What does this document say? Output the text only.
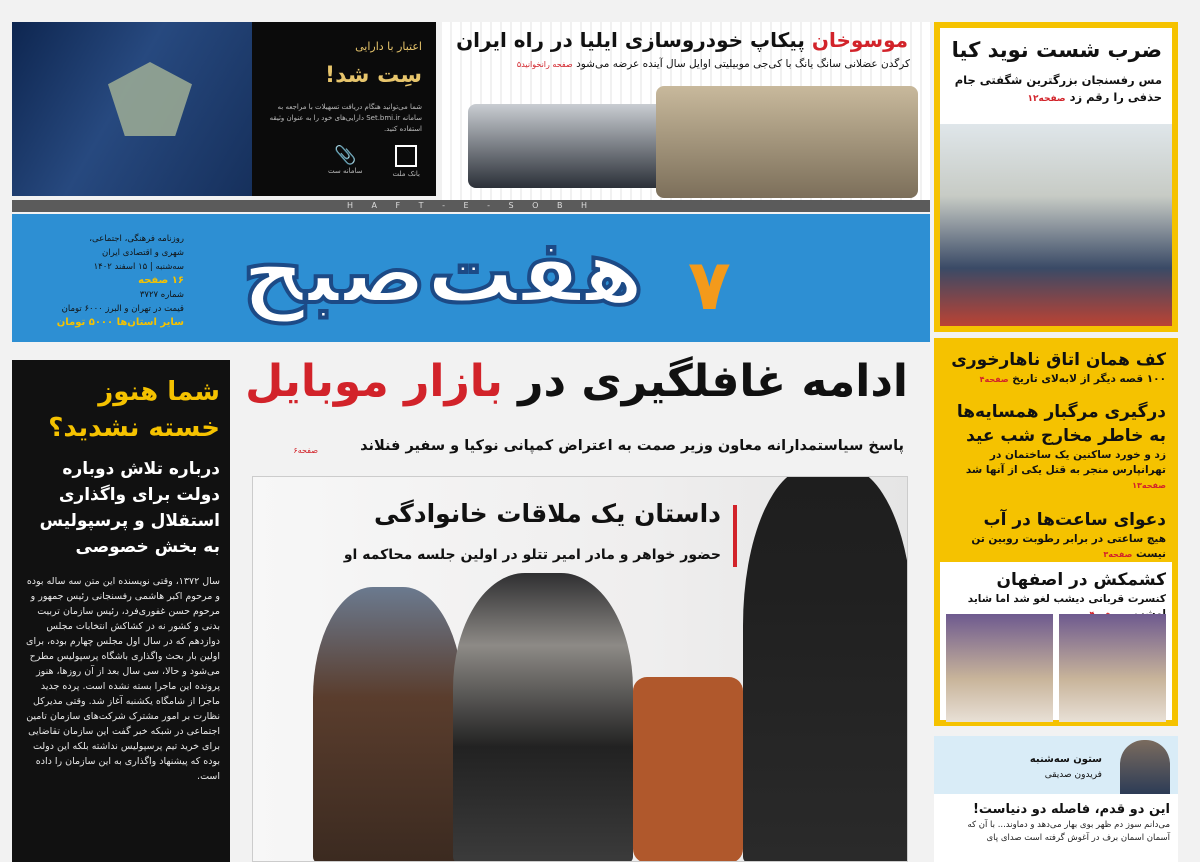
اعتبار با دارایی
سِت شد!
شما می‌توانید هنگام دریافت تسهیلات با مراجعه به سامانه Set.bmi.ir دارایی‌های خود را به عنوان وثیقه استفاده کنید.
بانک ملت
📎
سامانه ست
موسوخان پیکاپ خودروسازی ایلیا در راه ایران
کرگدن عضلانی سانگ یانگ با کی‌جی موبیلیتی اوایل سال آینده عرضه می‌شود صفحه رانخوانید۵
ضرب شست نوید کیا
مس رفسنجان بزرگترین شگفتی جام حذفی را رقم زد صفحه۱۲
H A F T - E - S O B H
روزنامه فرهنگی، اجتماعی،
شهری و اقتصادی ایران
سه‌شنبه | ۱۵ اسفند ۱۴۰۲
۱۶ صفحه
شماره ۳۷۲۷
قیمت در تهران و البرز ۶۰۰۰ تومان
سایر استان‌ها ۵۰۰۰ تومان هفت‌صبح ۷
شما هنوز خسته نشدید؟
درباره تلاش دوباره دولت برای واگذاری استقلال و پرسپولیس به بخش خصوصی
سال ۱۳۷۲، وقتی نویسنده این متن سه ساله بوده و مرحوم اکبر هاشمی رفسنجانی رئیس جمهور و مرحوم حسن غفوری‌فرد، رئیس سازمان تربیت بدنی و کشور نه در کشاکش انتخابات مجلس دوازدهم که در سال اول مجلس چهارم بوده، برای اولین بار بحث واگذاری باشگاه پرسپولیس مطرح می‌شود و حالا، سی سال بعد از آن روزها، هنوز پرونده این ماجرا بسته نشده است. پرده جدید ماجرا از شامگاه یکشنبه آغاز شد. وقتی مدیرکل نظارت بر امور مشترک شرکت‌های سازمان تامین اجتماعی در شبکه خبر گفت این سازمان تقاضایی برای خرید تیم پرسپولیس نداشته بلکه این دولت بوده که پیشنهاد واگذاری به این سازمان را داده است.
ادامه غافلگیری در بازار موبایل
پاسخ سیاستمدارانه معاون وزیر صمت به اعتراض کمپانی نوکیا و سفیر فنلاند
صفحه۶
داستان یک ملاقات خانوادگی
حضور خواهر و مادر امیر تتلو در اولین جلسه محاکمه او
کف همان اتاق ناهارخوری
۱۰۰ قصه دیگر از لابه‌لای تاریخ صفحه۴
درگیری مرگبار همسایه‌ها به خاطر مخارج شب عید
زد و خورد ساکنین یک ساختمان در تهرانپارس منجر به قتل یکی از آنها شد صفحه۱۳
دعوای ساعت‌ها در آب
هیچ ساعتی در برابر رطوبت روبین تن نیست صفحه۳
کشمکش در اصفهان
کنسرت قربانی دیشب لغو شد اما شاید
ستون سه‌شنبه
فریدون صدیقی
این دو قدم، فاصله دو دنیاست!
می‌دانم سوز دم ظهر بوی بهار می‌دهد و دماوند... با آن که آسمان اسمان برف در آغوش گرفته است صدای پای
